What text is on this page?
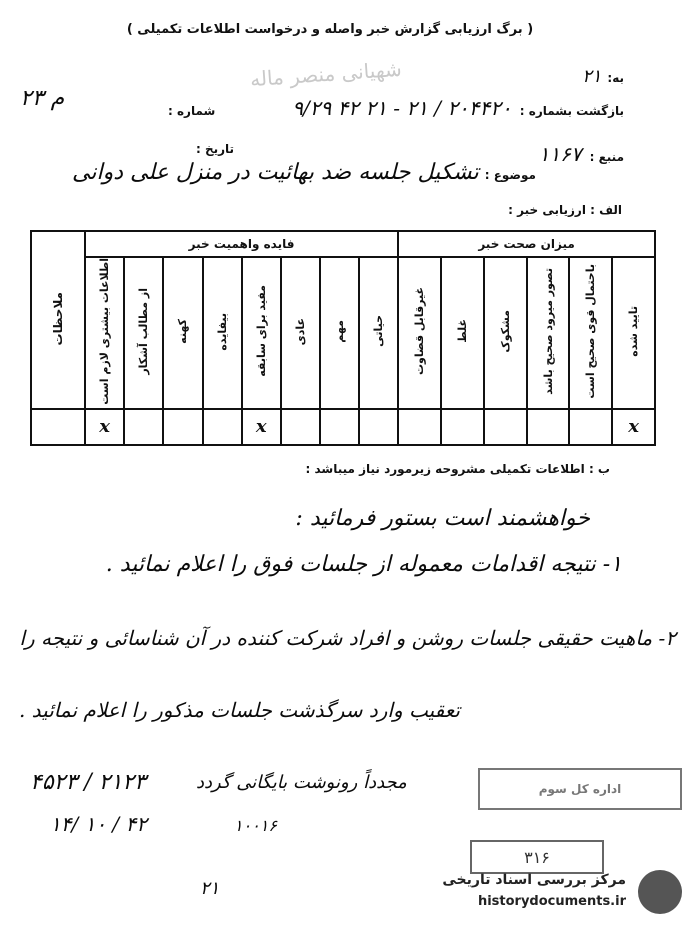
( برگ ارزیابی گزارش خبر واصله و درخواست اطلاعات تکمیلی )
شهیانی منصر ماله
۲۳ م
به:
۲۱
بازگشت بشماره :
۲۰۴۴۲۰ / ۲۱ - ۲۱ ۴۲ ۹/۲۹
شماره :
منبع :
۱۱۶۷
تاریخ :
موضوع :
تشکیل جلسه ضد بهائیت در منزل علی دوانی
الف : ارزیابی خبر :
میزان صحت خبر						فایده واهمیت خبر								ملاحظات
تایید شده	باحتمال قوی صحیح است	تصور میرود صحیح باشد	مشکوک	غلط	غیرقابل قضاوت	حیاتی	مهم	عادی	مفید برای سابقه	بیفایده	کهنه	از مطالب آشکار	اطلاعات بیشتری لازم است	
x									x				x	
ب : اطلاعات تکمیلی مشروحه زیرمورد نیاز میباشد :
خواهشمند است بستور فرمائید :
۱- نتیجه اقدامات معموله از جلسات فوق را اعلام نمائید .
۲- ماهیت حقیقی جلسات روشن و افراد شرکت کننده در آن شناسائی و نتیجه را
تعقیب وارد سرگذشت جلسات مذکور را اعلام نمائید .
۴۵۲۳ / ۲۱۲۳
۱۴/ ۱۰ / ۴۲
مجدداً رونوشت بایگانی گردد
۱۰۰۱۶
۲۱
اداره کل سوم
۳۱۶
مرکز بررسی اسناد تاریخی
historydocuments.ir
